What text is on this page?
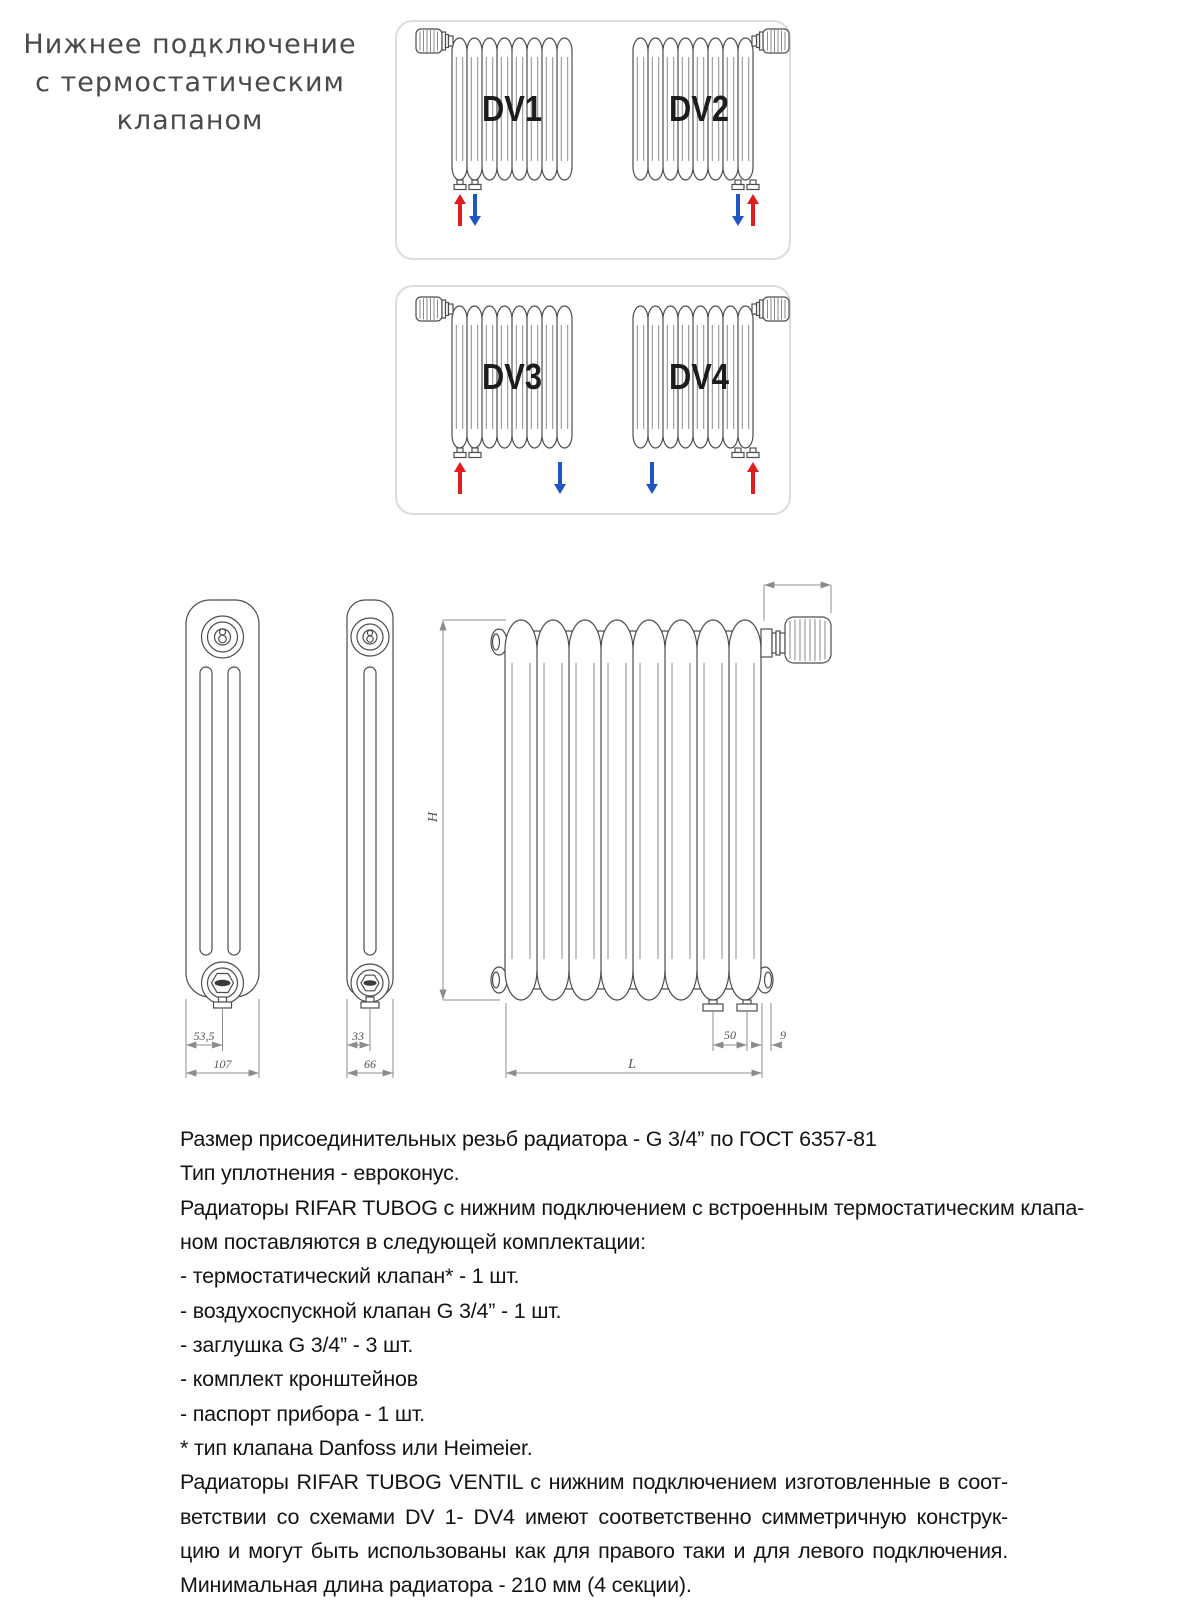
Нижнее подключение
с термостатическим
клапаном	DV1	DV2
DV3	DV4
53,5
107
33
66
50	9
H
L
Размер присоединительных резьб радиатора - G 3/4” по ГОСТ 6357-81
Тип уплотнения - евроконус.
Радиаторы RIFAR TUBOG с нижним подключением с встроенным термостатическим клапа-
ном поставляются в следующей комплектации:
- термостатический клапан* - 1 шт.
- воздухоспускной клапан G 3/4” - 1 шт.
- заглушка G 3/4” - 3 шт.
- комплект кронштейнов
- паспорт прибора - 1 шт.
* тип клапана Danfoss или Heimeier.
Радиаторы RIFAR TUBOG VENTIL с нижним подключением изготовленные в соот-
ветствии со схемами DV 1- DV4 имеют соответственно симметричную конструк-
цию и могут быть использованы как для правого таки и для левого подключения.
Минимальная длина радиатора - 210 мм (4 секции).
